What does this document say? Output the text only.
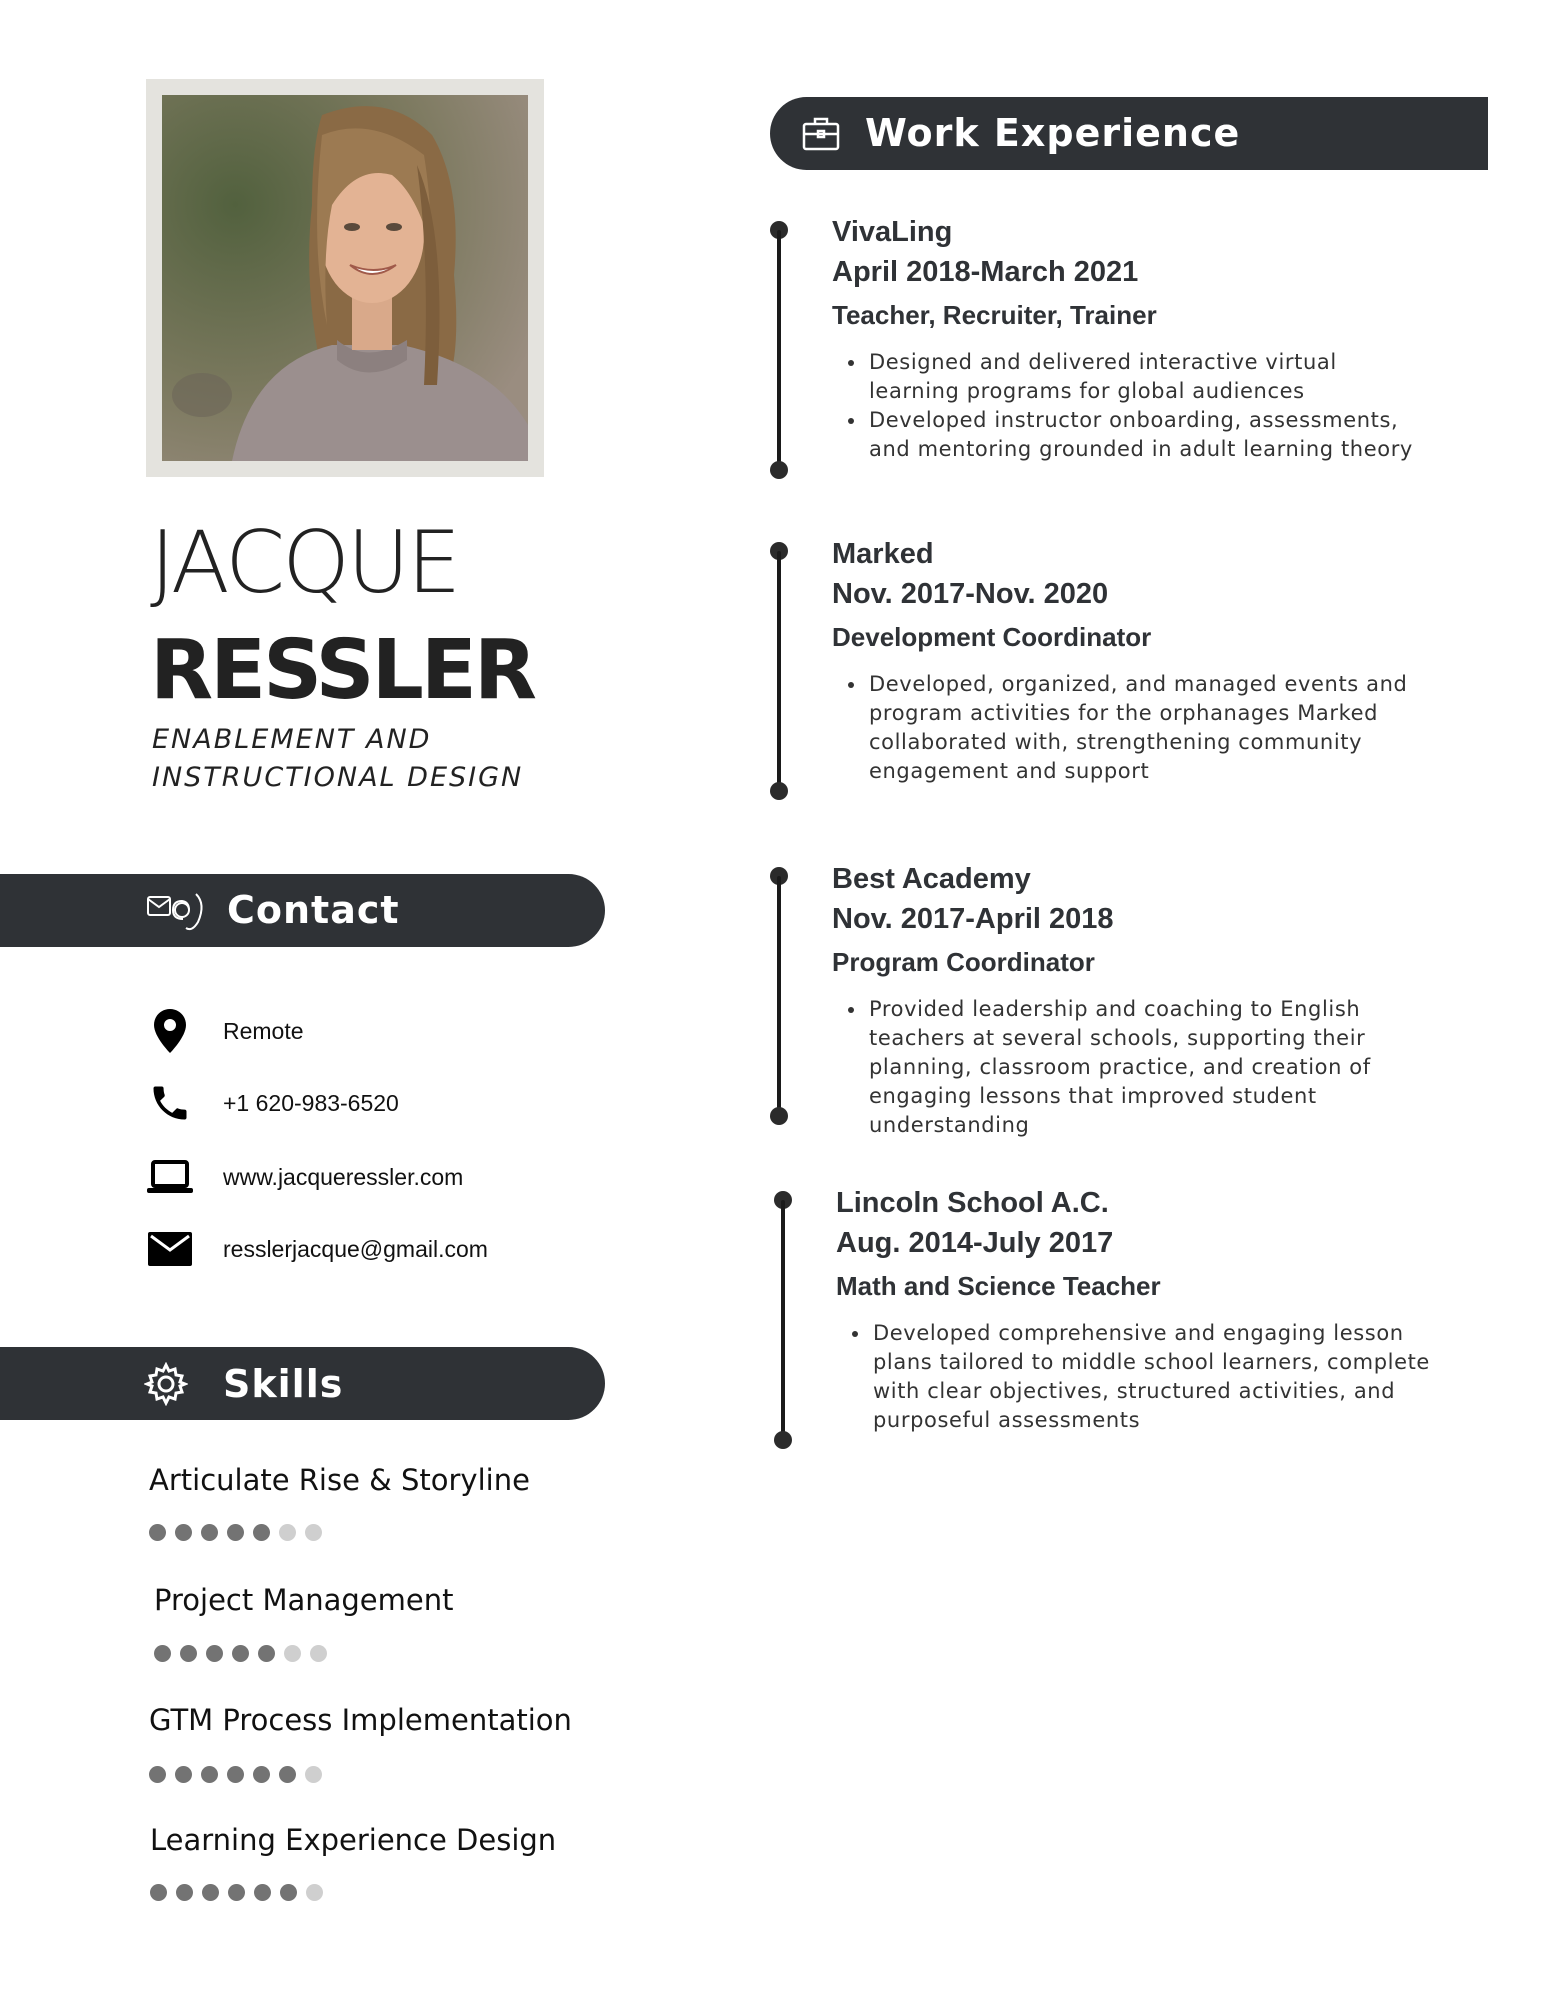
JACQUE
RESSLER
ENABLEMENT AND
INSTRUCTIONAL DESIGN
Contact
Remote
+1 620-983-6520
www.jacqueressler.com
resslerjacque@gmail.com
Skills
Articulate Rise & Storyline
Project Management
GTM Process Implementation
Learning Experience Design
Work Experience
VivaLing
April 2018-March 2021
Teacher, Recruiter, Trainer
• Designed and delivered interactive virtual learning programs for global audiences
• Developed instructor onboarding, assessments, and mentoring grounded in adult learning theory
Marked
Nov. 2017-Nov. 2020
Development Coordinator
• Developed, organized, and managed events and program activities for the orphanages Marked collaborated with, strengthening community engagement and support
Best Academy
Nov. 2017-April 2018
Program Coordinator
• Provided leadership and coaching to English teachers at several schools, supporting their planning, classroom practice, and creation of engaging lessons that improved student understanding
Lincoln School A.C.
Aug. 2014-July 2017
Math and Science Teacher
• Developed comprehensive and engaging lesson plans tailored to middle school learners, complete with clear objectives, structured activities, and purposeful assessments
